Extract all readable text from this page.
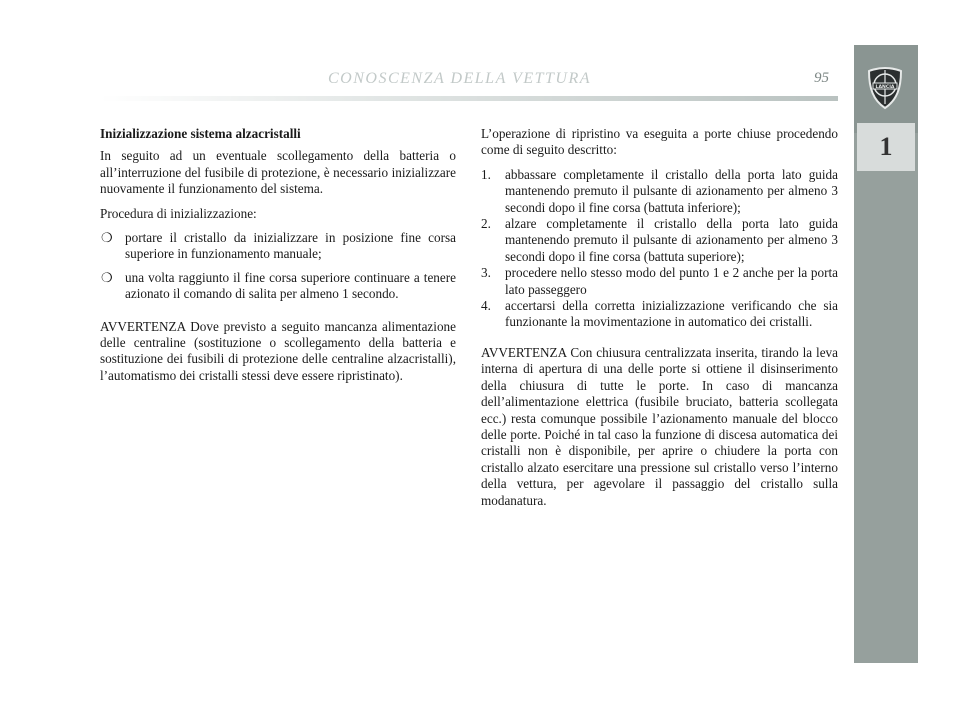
CONOSCENZA DELLA VETTURA	95
LANCIA
1

Inizializzazione sistema alzacristalli

In seguito ad un eventuale scollegamento della batteria o all’interruzione del fusibile di protezione, è necessario inizializzare nuovamente il funzionamento del sistema.

Procedura di inizializzazione:

❍ portare il cristallo da inizializzare in posizione fine corsa superiore in funzionamento manuale;
❍ una volta raggiunto il fine corsa superiore continuare a tenere azionato il comando di salita per almeno 1 secondo.

AVVERTENZA Dove previsto a seguito mancanza alimentazione delle centraline (sostituzione o scollegamento della batteria e sostituzione dei fusibili di protezione delle centraline alzacristalli), l’automatismo dei cristalli stessi deve essere ripristinato).

L’operazione di ripristino va eseguita a porte chiuse procedendo come di seguito descritto:

1. abbassare completamente il cristallo della porta lato guida mantenendo premuto il pulsante di azionamento per almeno 3 secondi dopo il fine corsa (battuta inferiore);
2. alzare completamente il cristallo della porta lato guida mantenendo premuto il pulsante di azionamento per almeno 3 secondi dopo il fine corsa (battuta superiore);
3. procedere nello stesso modo del punto 1 e 2 anche per la porta lato passeggero
4. accertarsi della corretta inizializzazione verificando che sia funzionante la movimentazione in automatico dei cristalli.

AVVERTENZA Con chiusura centralizzata inserita, tirando la leva interna di apertura di una delle porte si ottiene il disinserimento della chiusura di tutte le porte. In caso di mancanza dell’alimentazione elettrica (fusibile bruciato, batteria scollegata ecc.) resta comunque possibile l’azionamento manuale del blocco delle porte. Poiché in tal caso la funzione di discesa automatica dei cristalli non è disponibile, per aprire o chiudere la porta con cristallo alzato esercitare una pressione sul cristallo verso l’interno della vettura, per agevolare il passaggio del cristallo sulla modanatura.
